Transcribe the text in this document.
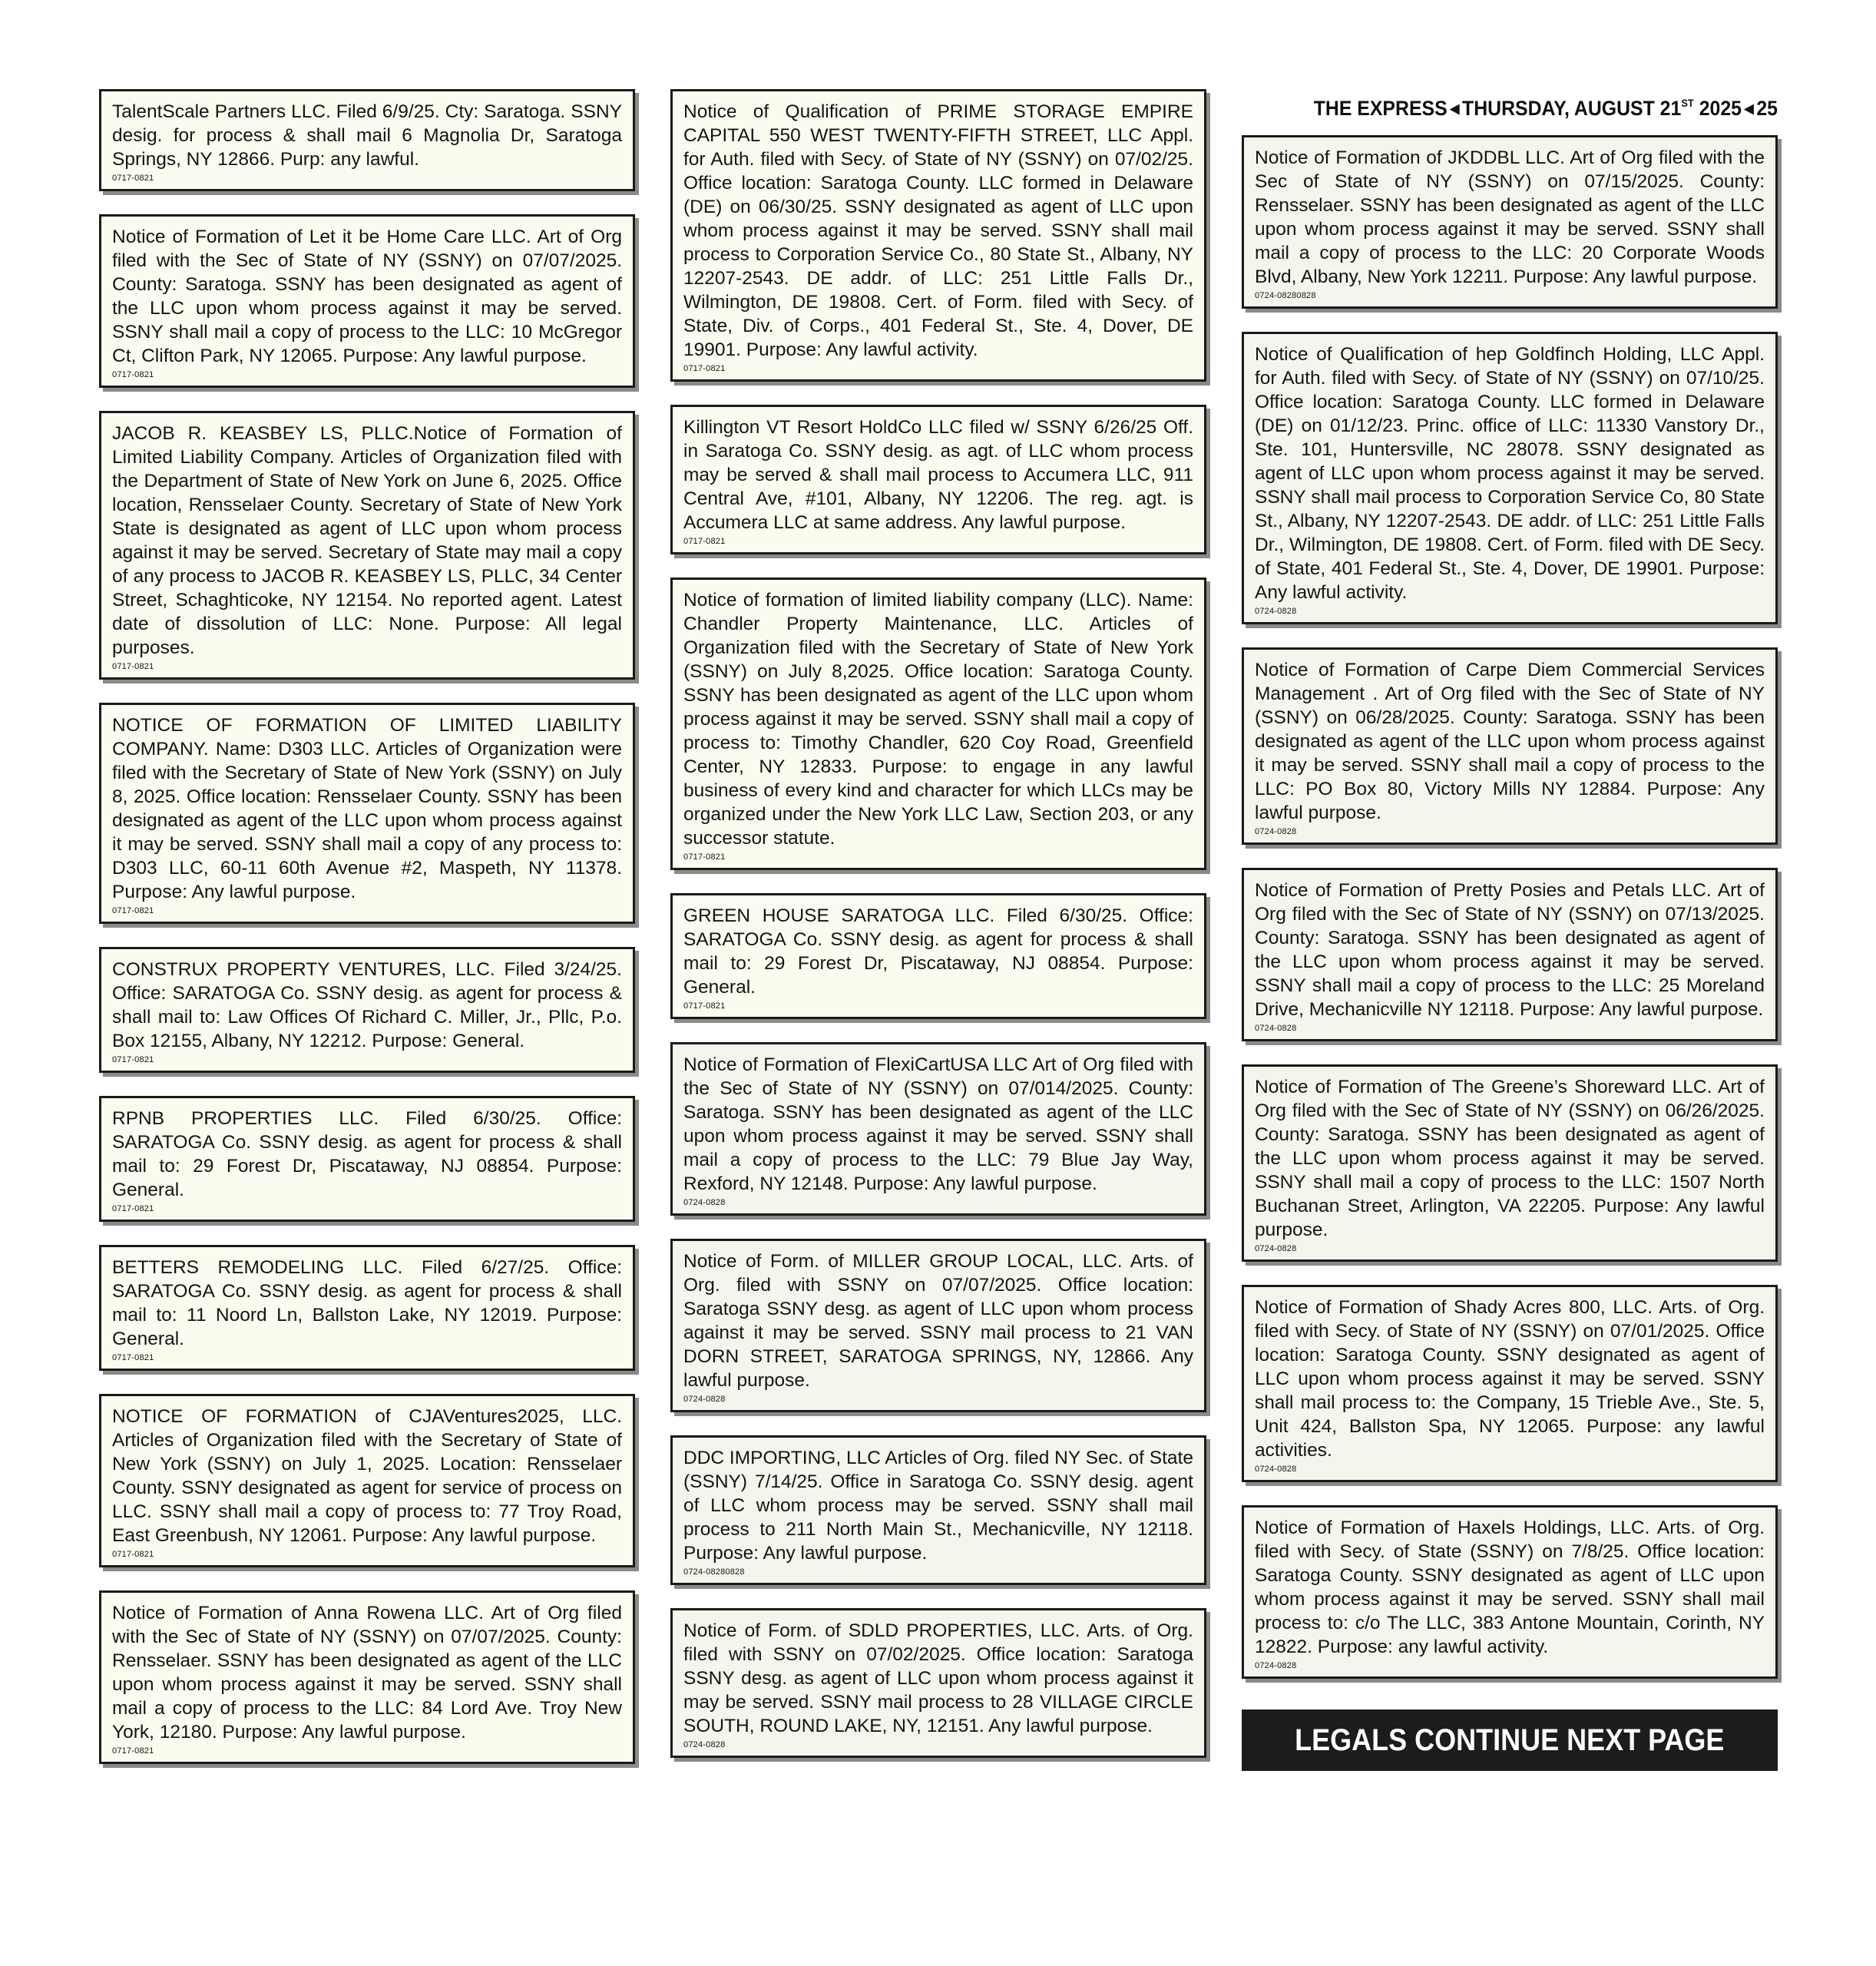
TalentScale Partners LLC. Filed 6/9/25. Cty: Saratoga. SSNY desig. for process & shall mail 6 Magnolia Dr, Saratoga Springs, NY 12866. Purp: any lawful.

0717-0821

Notice of Formation of Let it be Home Care LLC. Art of Org filed with the Sec of State of NY (SSNY) on 07/07/2025. County: Saratoga. SSNY has been designated as agent of the LLC upon whom process against it may be served. SSNY shall mail a copy of process to the LLC: 10 McGregor Ct, Clifton Park, NY 12065. Purpose: Any lawful purpose.

0717-0821

JACOB R. KEASBEY LS, PLLC.Notice of Formation of Limited Liability Company. Articles of Organization filed with the Department of State of New York on June 6, 2025. Office location, Rensselaer County. Secretary of State of New York State is designated as agent of LLC upon whom process against it may be served. Secretary of State may mail a copy of any process to JACOB R. KEASBEY LS, PLLC, 34 Center Street, Schaghticoke, NY 12154. No reported agent. Latest date of dissolution of LLC: None. Purpose: All legal purposes.

0717-0821

NOTICE OF FORMATION OF LIMITED LIABILITY COMPANY. Name: D303 LLC. Articles of Organization were filed with the Secretary of State of New York (SSNY) on July 8, 2025. Office location: Rensselaer County. SSNY has been designated as agent of the LLC upon whom process against it may be served. SSNY shall mail a copy of any process to: D303 LLC, 60-11 60th Avenue #2, Maspeth, NY 11378. Purpose: Any lawful purpose.

0717-0821

CONSTRUX PROPERTY VENTURES, LLC. Filed 3/24/25. Office: SARATOGA Co. SSNY desig. as agent for process & shall mail to: Law Offices Of Richard C. Miller, Jr., Pllc, P.o. Box 12155, Albany, NY 12212. Purpose: General.

0717-0821

RPNB PROPERTIES LLC. Filed 6/30/25. Office: SARATOGA Co. SSNY desig. as agent for process & shall mail to: 29 Forest Dr, Piscataway, NJ 08854. Purpose: General.

0717-0821

BETTERS REMODELING LLC. Filed 6/27/25. Office: SARATOGA Co. SSNY desig. as agent for process & shall mail to: 11 Noord Ln, Ballston Lake, NY 12019. Purpose: General.

0717-0821

NOTICE OF FORMATION of CJAVentures2025, LLC. Articles of Organization filed with the Secretary of State of New York (SSNY) on July 1, 2025. Location: Rensselaer County. SSNY designated as agent for service of process on LLC. SSNY shall mail a copy of process to: 77 Troy Road, East Greenbush, NY 12061. Purpose: Any lawful purpose.

0717-0821

Notice of Formation of Anna Rowena LLC. Art of Org filed with the Sec of State of NY (SSNY) on 07/07/2025. County: Rensselaer. SSNY has been designated as agent of the LLC upon whom process against it may be served. SSNY shall mail a copy of process to the LLC: 84 Lord Ave. Troy New York, 12180. Purpose: Any lawful purpose.

0717-0821

Notice of Qualification of PRIME STORAGE EMPIRE CAPITAL 550 WEST TWENTY-FIFTH STREET, LLC Appl. for Auth. filed with Secy. of State of NY (SSNY) on 07/02/25. Office location: Saratoga County. LLC formed in Delaware (DE) on 06/30/25. SSNY designated as agent of LLC upon whom process against it may be served. SSNY shall mail process to Corporation Service Co., 80 State St., Albany, NY 12207-2543. DE addr. of LLC: 251 Little Falls Dr., Wilmington, DE 19808. Cert. of Form. filed with Secy. of State, Div. of Corps., 401 Federal St., Ste. 4, Dover, DE 19901. Purpose: Any lawful activity.

0717-0821

Killington VT Resort HoldCo LLC filed w/ SSNY 6/26/25 Off. in Saratoga Co. SSNY desig. as agt. of LLC whom process may be served & shall mail process to Accumera LLC, 911 Central Ave, #101, Albany, NY 12206. The reg. agt. is Accumera LLC at same address. Any lawful purpose.

0717-0821

Notice of formation of limited liability company (LLC). Name: Chandler Property Maintenance, LLC. Articles of Organization filed with the Secretary of State of New York (SSNY) on July 8,2025. Office location: Saratoga County. SSNY has been designated as agent of the LLC upon whom process against it may be served. SSNY shall mail a copy of process to: Timothy Chandler, 620 Coy Road, Greenfield Center, NY 12833. Purpose: to engage in any lawful business of every kind and character for which LLCs may be organized under the New York LLC Law, Section 203, or any successor statute.

0717-0821

GREEN HOUSE SARATOGA LLC. Filed 6/30/25. Office: SARATOGA Co. SSNY desig. as agent for process & shall mail to: 29 Forest Dr, Piscataway, NJ 08854. Purpose: General.

0717-0821

Notice of Formation of FlexiCartUSA LLC Art of Org filed with the Sec of State of NY (SSNY) on 07/014/2025. County: Saratoga. SSNY has been designated as agent of the LLC upon whom process against it may be served. SSNY shall mail a copy of process to the LLC: 79 Blue Jay Way, Rexford, NY 12148. Purpose: Any lawful purpose.

0724-0828

Notice of Form. of MILLER GROUP LOCAL, LLC. Arts. of Org. filed with SSNY on 07/07/2025. Office location: Saratoga SSNY desg. as agent of LLC upon whom process against it may be served. SSNY mail process to 21 VAN DORN STREET, SARATOGA SPRINGS, NY, 12866. Any lawful purpose.

0724-0828

DDC IMPORTING, LLC Articles of Org. filed NY Sec. of State (SSNY) 7/14/25. Office in Saratoga Co. SSNY desig. agent of LLC whom process may be served. SSNY shall mail process to 211 North Main St., Mechanicville, NY 12118. Purpose: Any lawful purpose.

0724-08280828

Notice of Form. of SDLD PROPERTIES, LLC. Arts. of Org. filed with SSNY on 07/02/2025. Office location: Saratoga SSNY desg. as agent of LLC upon whom process against it may be served. SSNY mail process to 28 VILLAGE CIRCLE SOUTH, ROUND LAKE, NY, 12151. Any lawful purpose.

0724-0828
THE EXPRESS ◀ THURSDAY, AUGUST 21ST 2025 ◀ 25

Notice of Formation of JKDDBL LLC. Art of Org filed with the Sec of State of NY (SSNY) on 07/15/2025. County: Rensselaer. SSNY has been designated as agent of the LLC upon whom process against it may be served. SSNY shall mail a copy of process to the LLC: 20 Corporate Woods Blvd, Albany, New York 12211. Purpose: Any lawful purpose.

0724-08280828

Notice of Qualification of hep Goldfinch Holding, LLC Appl. for Auth. filed with Secy. of State of NY (SSNY) on 07/10/25. Office location: Saratoga County. LLC formed in Delaware (DE) on 01/12/23. Princ. office of LLC: 11330 Vanstory Dr., Ste. 101, Huntersville, NC 28078. SSNY designated as agent of LLC upon whom process against it may be served. SSNY shall mail process to Corporation Service Co, 80 State St., Albany, NY 12207-2543. DE addr. of LLC: 251 Little Falls Dr., Wilmington, DE 19808. Cert. of Form. filed with DE Secy. of State, 401 Federal St., Ste. 4, Dover, DE 19901. Purpose: Any lawful activity.

0724-0828

Notice of Formation of Carpe Diem Commercial Services Management . Art of Org filed with the Sec of State of NY (SSNY) on 06/28/2025. County: Saratoga. SSNY has been designated as agent of the LLC upon whom process against it may be served. SSNY shall mail a copy of process to the LLC: PO Box 80, Victory Mills NY 12884. Purpose: Any lawful purpose.

0724-0828

Notice of Formation of Pretty Posies and Petals LLC. Art of Org filed with the Sec of State of NY (SSNY) on 07/13/2025. County: Saratoga. SSNY has been designated as agent of the LLC upon whom process against it may be served. SSNY shall mail a copy of process to the LLC: 25 Moreland Drive, Mechanicville NY 12118. Purpose: Any lawful purpose.

0724-0828

Notice of Formation of The Greene’s Shoreward LLC. Art of Org filed with the Sec of State of NY (SSNY) on 06/26/2025. County: Saratoga. SSNY has been designated as agent of the LLC upon whom process against it may be served. SSNY shall mail a copy of process to the LLC: 1507 North Buchanan Street, Arlington, VA 22205. Purpose: Any lawful purpose.

0724-0828

Notice of Formation of Shady Acres 800, LLC. Arts. of Org. filed with Secy. of State of NY (SSNY) on 07/01/2025. Office location: Saratoga County. SSNY designated as agent of LLC upon whom process against it may be served. SSNY shall mail process to: the Company, 15 Trieble Ave., Ste. 5, Unit 424, Ballston Spa, NY 12065. Purpose: any lawful activities.

0724-0828

Notice of Formation of Haxels Holdings, LLC. Arts. of Org. filed with Secy. of State (SSNY) on 7/8/25. Office location: Saratoga County. SSNY designated as agent of LLC upon whom process against it may be served. SSNY shall mail process to: c/o The LLC, 383 Antone Mountain, Corinth, NY 12822. Purpose: any lawful activity.

0724-0828
LEGALS CONTINUE NEXT PAGE
